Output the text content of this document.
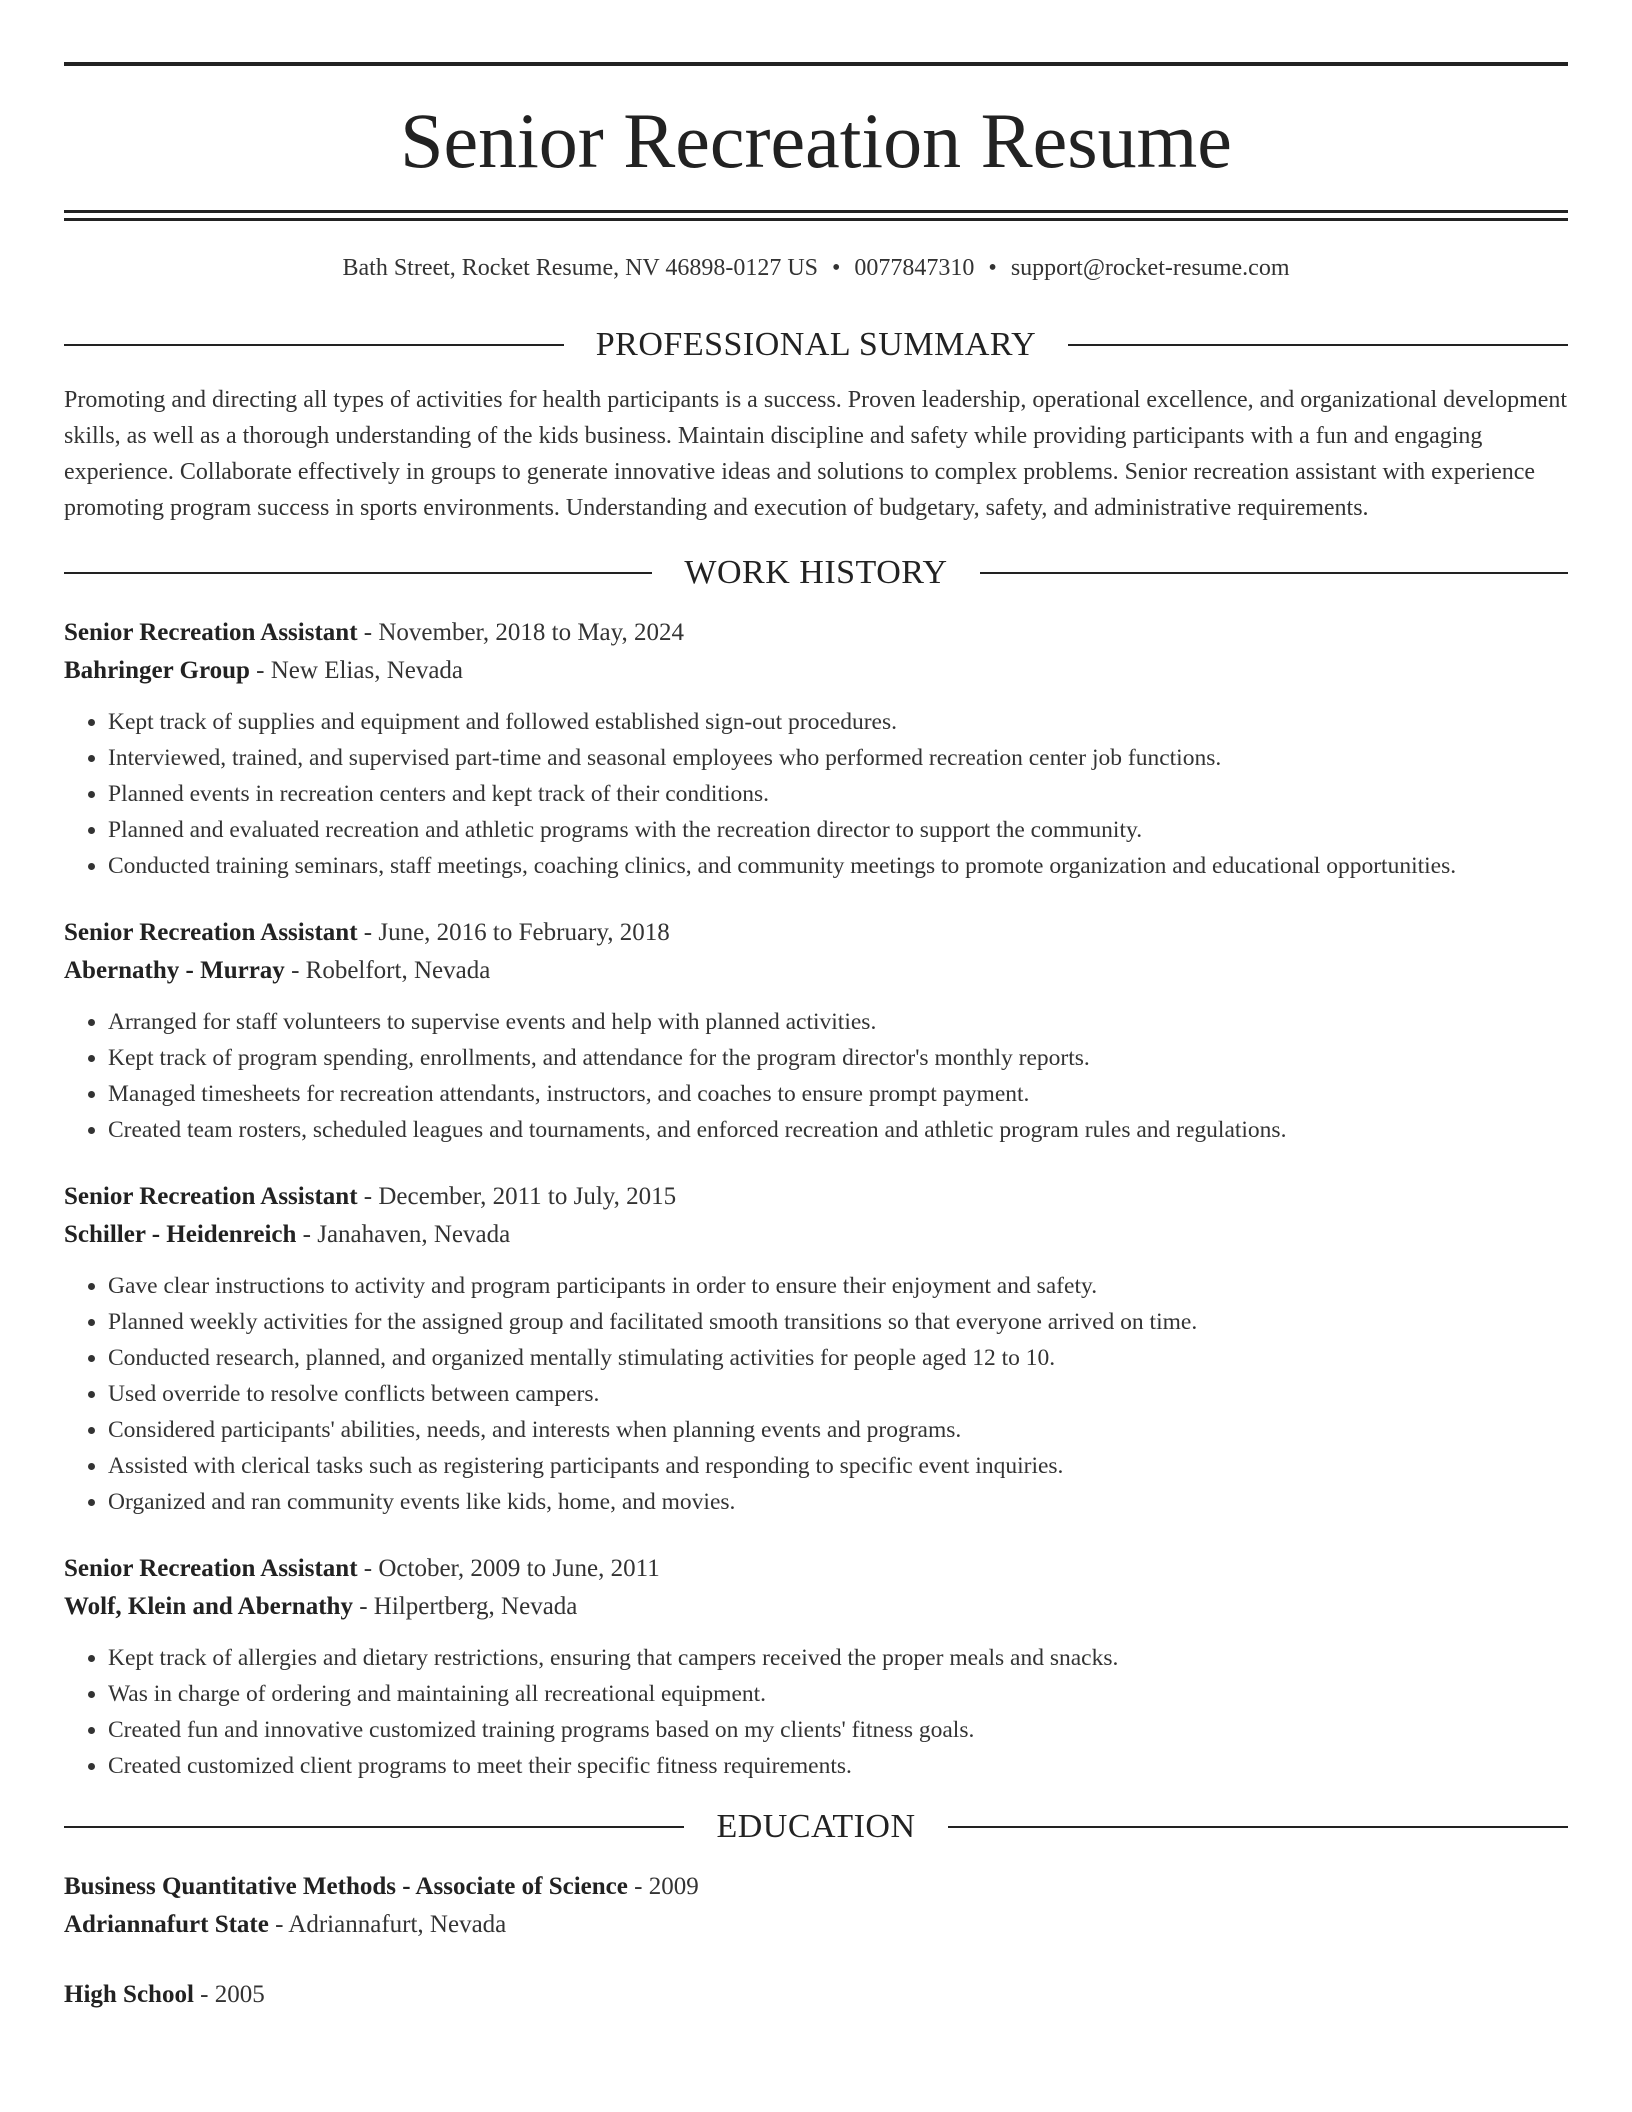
Senior Recreation Resume
Bath Street, Rocket Resume, NV 46898-0127 US • 0077847310 • support@rocket-resume.com
PROFESSIONAL SUMMARY

Promoting and directing all types of activities for health participants is a success. Proven leadership, operational excellence, and organizational development skills, as well as a thorough understanding of the kids business. Maintain discipline and safety while providing participants with a fun and engaging experience. Collaborate effectively in groups to generate innovative ideas and solutions to complex problems. Senior recreation assistant with experience promoting program success in sports environments. Understanding and execution of budgetary, safety, and administrative requirements.

WORK HISTORY
Senior Recreation Assistant - November, 2018 to May, 2024
Bahringer Group - New Elias, Nevada
• Kept track of supplies and equipment and followed established sign-out procedures.
• Interviewed, trained, and supervised part-time and seasonal employees who performed recreation center job functions.
• Planned events in recreation centers and kept track of their conditions.
• Planned and evaluated recreation and athletic programs with the recreation director to support the community.
• Conducted training seminars, staff meetings, coaching clinics, and community meetings to promote organization and educational opportunities.
Senior Recreation Assistant - June, 2016 to February, 2018
Abernathy - Murray - Robelfort, Nevada
• Arranged for staff volunteers to supervise events and help with planned activities.
• Kept track of program spending, enrollments, and attendance for the program director's monthly reports.
• Managed timesheets for recreation attendants, instructors, and coaches to ensure prompt payment.
• Created team rosters, scheduled leagues and tournaments, and enforced recreation and athletic program rules and regulations.
Senior Recreation Assistant - December, 2011 to July, 2015
Schiller - Heidenreich - Janahaven, Nevada
• Gave clear instructions to activity and program participants in order to ensure their enjoyment and safety.
• Planned weekly activities for the assigned group and facilitated smooth transitions so that everyone arrived on time.
• Conducted research, planned, and organized mentally stimulating activities for people aged 12 to 10.
• Used override to resolve conflicts between campers.
• Considered participants' abilities, needs, and interests when planning events and programs.
• Assisted with clerical tasks such as registering participants and responding to specific event inquiries.
• Organized and ran community events like kids, home, and movies.
Senior Recreation Assistant - October, 2009 to June, 2011
Wolf, Klein and Abernathy - Hilpertberg, Nevada
• Kept track of allergies and dietary restrictions, ensuring that campers received the proper meals and snacks.
• Was in charge of ordering and maintaining all recreational equipment.
• Created fun and innovative customized training programs based on my clients' fitness goals.
• Created customized client programs to meet their specific fitness requirements.
EDUCATION
Business Quantitative Methods - Associate of Science - 2009
Adriannafurt State - Adriannafurt, Nevada
High School - 2005
